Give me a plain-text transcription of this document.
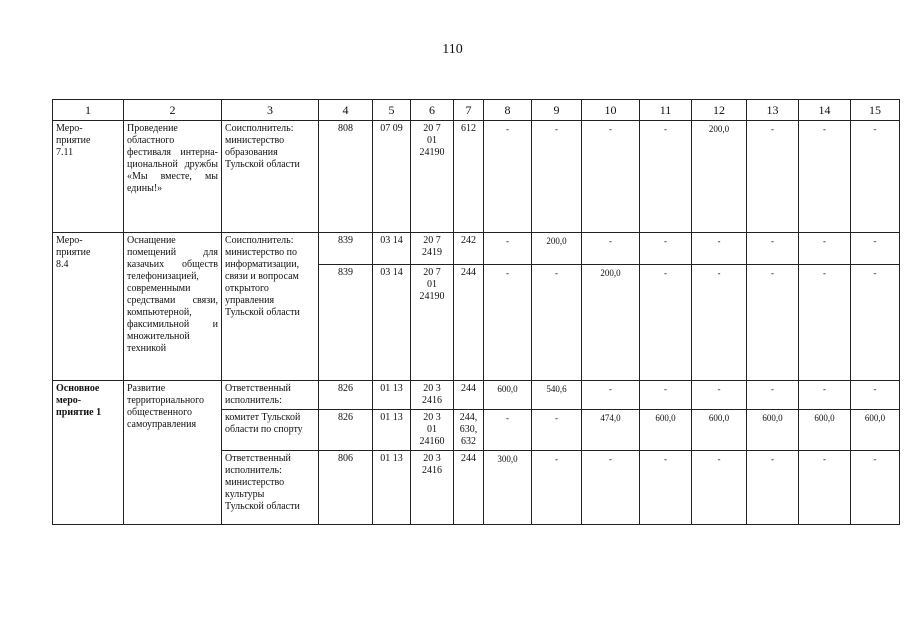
110
1	2	3	4	5	6	7	8	9	10	11	12	13	14	15
Меро-
приятие
7.11	Проведение областного фестиваля интерна-циональной дружбы «Мы вместе, мы едины!»	Соисполнитель:
министерство образования Тульской области	808	07 09	20 7
01
24190	612	-	-	-	-	200,0	-	-	-
Меро-
приятие
8.4	Оснащение помещений для казачьих обществ телефонизацией, современными средствами связи, компьютерной, факсимильной и множительной техникой	Соисполнитель:
министерство по информатизации, связи и вопросам открытого управления Тульской области	839	03 14	20 7
2419	242	-	200,0	-	-	-	-	-	-
			839	03 14	20 7
01
24190	244	-	-	200,0	-	-	-	-	-
Основное
меро-
приятие 1	Развитие территориального общественного самоуправления	Ответственный исполнитель:	826	01 13	20 3
2416	244	600,0	540,6	-	-	-	-	-	-
		комитет Тульской области по спорту	826	01 13	20 3
01
24160	244,
630,
632	-	-	474,0	600,0	600,0	600,0	600,0	600,0
		Ответственный исполнитель:
министерство культуры
Тульской области	806	01 13	20 3
2416	244	300,0	-	-	-	-	-	-	-
